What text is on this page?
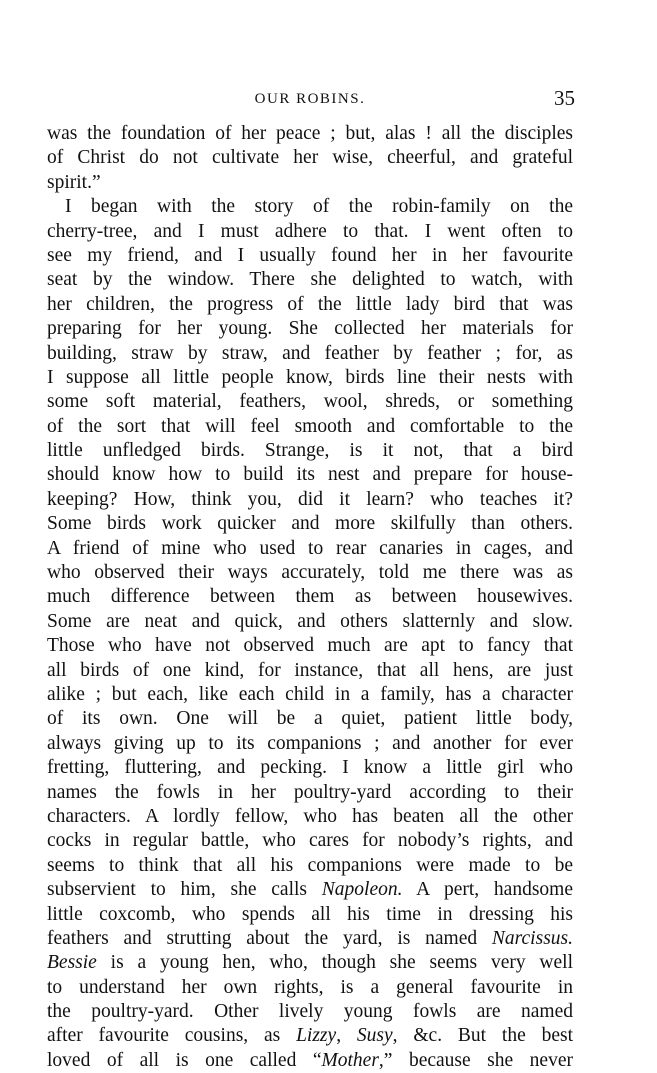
OUR ROBINS.	35
was the foundation of her peace ; but, alas ! all the disciples
of Christ do not cultivate her wise, cheerful, and grateful
spirit.”
I began with the story of the robin-family on the
cherry-tree, and I must adhere to that. I went often to
see my friend, and I usually found her in her favourite
seat by the window. There she delighted to watch, with
her children, the progress of the little lady bird that was
preparing for her young. She collected her materials for
building, straw by straw, and feather by feather ; for, as
I suppose all little people know, birds line their nests with
some soft material, feathers, wool, shreds, or something
of the sort that will feel smooth and comfortable to the
little unfledged birds. Strange, is it not, that a bird
should know how to build its nest and prepare for house-
keeping? How, think you, did it learn? who teaches it?
Some birds work quicker and more skilfully than others.
A friend of mine who used to rear canaries in cages, and
who observed their ways accurately, told me there was as
much difference between them as between housewives.
Some are neat and quick, and others slatternly and slow.
Those who have not observed much are apt to fancy that
all birds of one kind, for instance, that all hens, are just
alike ; but each, like each child in a family, has a character
of its own. One will be a quiet, patient little body,
always giving up to its companions ; and another for ever
fretting, fluttering, and pecking. I know a little girl who
names the fowls in her poultry-yard according to their
characters. A lordly fellow, who has beaten all the other
cocks in regular battle, who cares for nobody’s rights, and
seems to think that all his companions were made to be
subservient to him, she calls Napoleon. A pert, handsome
little coxcomb, who spends all his time in dressing his
feathers and strutting about the yard, is named Narcissus.
Bessie is a young hen, who, though she seems very well
to understand her own rights, is a general favourite in
the poultry-yard. Other lively young fowls are named
after favourite cousins, as Lizzy, Susy, &c. But the best
loved of all is one called “Mother,” because she never
